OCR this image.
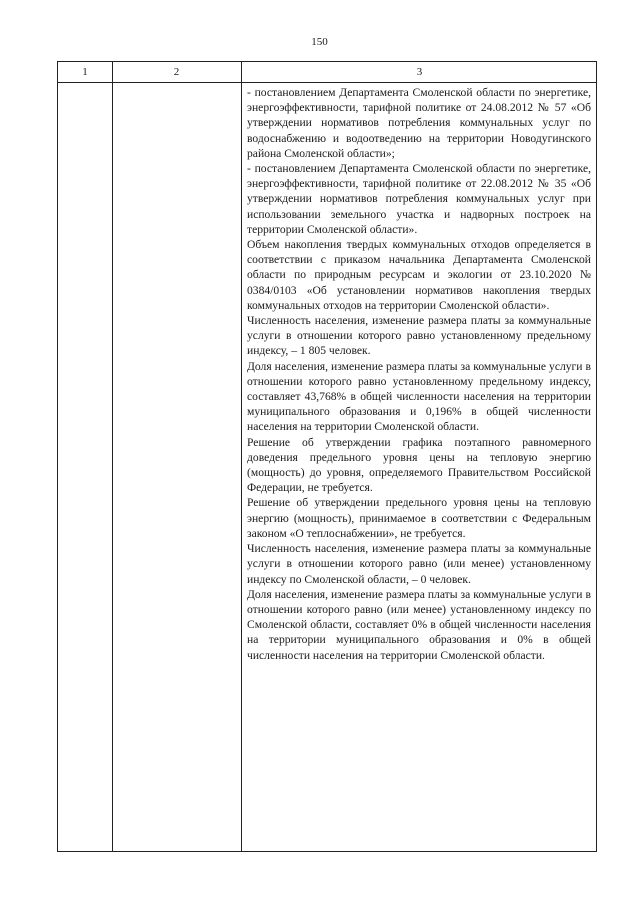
150
1	2	3

- постановлением Департамента Смоленской области по энергетике, энергоэффективности, тарифной политике от 24.08.2012 № 57 «Об утверждении нормативов потребления коммунальных услуг по водоснабжению и водоотведению на территории Новодугинского района Смоленской области»;

- постановлением Департамента Смоленской области по энергетике, энергоэффективности, тарифной политике от 22.08.2012 № 35 «Об утверждении нормативов потребления коммунальных услуг при использовании земельного участка и надворных построек на территории Смоленской области».

Объем накопления твердых коммунальных отходов определяется в соответствии с приказом начальника Департамента Смоленской области по природным ресурсам и экологии от 23.10.2020 № 0384/0103 «Об установлении нормативов накопления твердых коммунальных отходов на территории Смоленской области».

Численность населения, изменение размера платы за коммунальные услуги в отношении которого равно установленному предельному индексу, – 1 805 человек.

Доля населения, изменение размера платы за коммунальные услуги в отношении которого равно установленному предельному индексу, составляет 43,768% в общей численности населения на территории муниципального образования и 0,196% в общей численности населения на территории Смоленской области.

Решение об утверждении графика поэтапного равномерного доведения предельного уровня цены на тепловую энергию (мощность) до уровня, определяемого Правительством Российской Федерации, не требуется.

Решение об утверждении предельного уровня цены на тепловую энергию (мощность), принимаемое в соответствии с Федеральным законом «О теплоснабжении», не требуется.

Численность населения, изменение размера платы за коммунальные услуги в отношении которого равно (или менее) установленному индексу по Смоленской области, – 0 человек.

Доля населения, изменение размера платы за коммунальные услуги в отношении которого равно (или менее) установленному индексу по Смоленской области, составляет 0% в общей численности населения на территории муниципального образования и 0% в общей численности населения на территории Смоленской области.
